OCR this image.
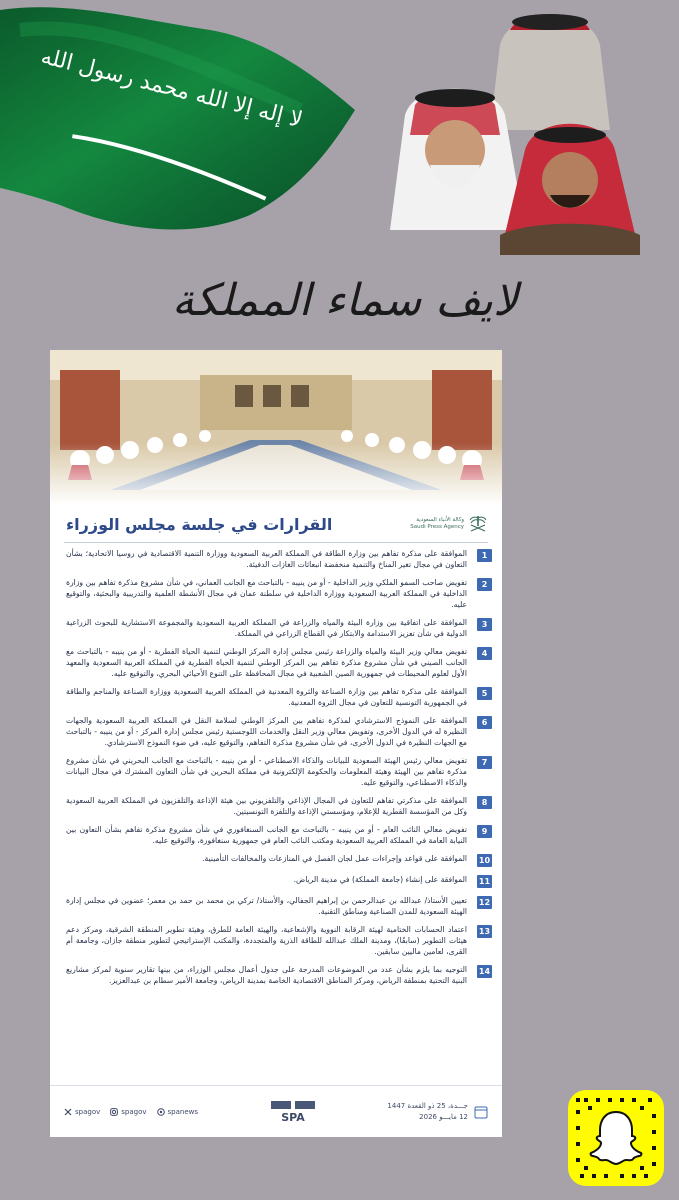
لا إله إلا الله محمد رسول الله
لايف سماء المملكة
القرارات في جلسة مجلس الوزراء	وكالة الأنباء السعودية Saudi Press Agency
1
الموافقة على مذكرة تفاهم بين وزارة الطاقة في المملكة العربية السعودية ووزارة التنمية الاقتصادية في روسيا الاتحادية؛ بشأن التعاون في مجال تغير المناخ والتنمية منخفضة انبعاثات الغازات الدفيئة.
2
تفويض صاحب السمو الملكي وزير الداخلية - أو من ينيبه - بالتباحث مع الجانب العماني، في شأن مشروع مذكرة تفاهم بين وزارة الداخلية في المملكة العربية السعودية ووزارة الداخلية في سلطنة عمان في مجال الأنشطة العلمية والتدريبية والبحثية، والتوقيع عليه.
3
الموافقة على اتفاقية بين وزارة البيئة والمياه والزراعة في المملكة العربية السعودية والمجموعة الاستشارية للبحوث الزراعية الدولية في شأن تعزيز الاستدامة والابتكار في القطاع الزراعي في المملكة.
4
تفويض معالي وزير البيئة والمياه والزراعة رئيس مجلس إدارة المركز الوطني لتنمية الحياة الفطرية - أو من ينيبه - بالتباحث مع الجانب الصيني في شأن مشروع مذكرة تفاهم بين المركز الوطني لتنمية الحياة الفطرية في المملكة العربية السعودية والمعهد الأول لعلوم المحيطات في جمهورية الصين الشعبية في مجال المحافظة على التنوع الأحيائي البحري، والتوقيع عليه.
5
الموافقة على مذكرة تفاهم بين وزارة الصناعة والثروة المعدنية في المملكة العربية السعودية ووزارة الصناعة والمناجم والطاقة في الجمهورية التونسية للتعاون في مجال الثروة المعدنية.
6
الموافقة على النموذج الاسترشادي لمذكرة تفاهم بين المركز الوطني لسلامة النقل في المملكة العربية السعودية والجهات النظيرة له في الدول الأخرى، وتفويض معالي وزير النقل والخدمات اللوجستية رئيس مجلس إدارة المركز - أو من ينيبه - بالتباحث مع الجهات النظيرة في الدول الأخرى، في شأن مشروع مذكرة التفاهم، والتوقيع عليه، في ضوء النموذج الاسترشادي.
7
تفويض معالي رئيس الهيئة السعودية للبيانات والذكاء الاصطناعي - أو من ينيبه - بالتباحث مع الجانب البحريني في شأن مشروع مذكرة تفاهم بين الهيئة وهيئة المعلومات والحكومة الإلكترونية في مملكة البحرين في شأن التعاون المشترك في مجال البيانات والذكاء الاصطناعي، والتوقيع عليه.
8
الموافقة على مذكرتي تفاهم للتعاون في المجال الإذاعي والتلفزيوني بين هيئة الإذاعة والتلفزيون في المملكة العربية السعودية وكل من المؤسسة القطرية للإعلام، ومؤسستي الإذاعة والتلفزة التونسيتين.
9
تفويض معالي النائب العام - أو من ينيبه - بالتباحث مع الجانب السنغافوري في شأن مشروع مذكرة تفاهم بشأن التعاون بين النيابة العامة في المملكة العربية السعودية ومكتب النائب العام في جمهورية سنغافورة، والتوقيع عليه.
10
الموافقة على قواعد وإجراءات عمل لجان الفصل في المنازعات والمخالفات التأمينية.
11
الموافقة على إنشاء (جامعة المملكة) في مدينة الرياض.
12
تعيين الأستاذ/ عبدالله بن عبدالرحمن بن إبراهيم الجفالي، والأستاذ/ تركي بن محمد بن حمد بن معمر؛ عضوين في مجلس إدارة الهيئة السعودية للمدن الصناعية ومناطق التقنية.
13
اعتماد الحسابات الختامية لهيئة الرقابة النووية والإشعاعية، والهيئة العامة للطرق، وهيئة تطوير المنطقة الشرقية، ومركز دعم هيئات التطوير (سابقًا)، ومدينة الملك عبدالله للطاقة الذرية والمتجددة، والمكتب الإستراتيجي لتطوير منطقة جازان، وجامعة أم القرى، لعامين ماليين سابقين.
14
التوجيه بما يلزم بشأن عدد من الموضوعات المدرجة على جدول أعمال مجلس الوزراء، من بينها تقارير سنوية لمركز مشاريع البنية التحتية بمنطقة الرياض، ومركز المناطق الاقتصادية الخاصة بمدينة الرياض، وجامعة الأمير سطام بن عبدالعزيز.
spagov	spagov	spanews	SPA
جـــدة، 25 ذو القعدة 1447
12 مايـــو 2026
